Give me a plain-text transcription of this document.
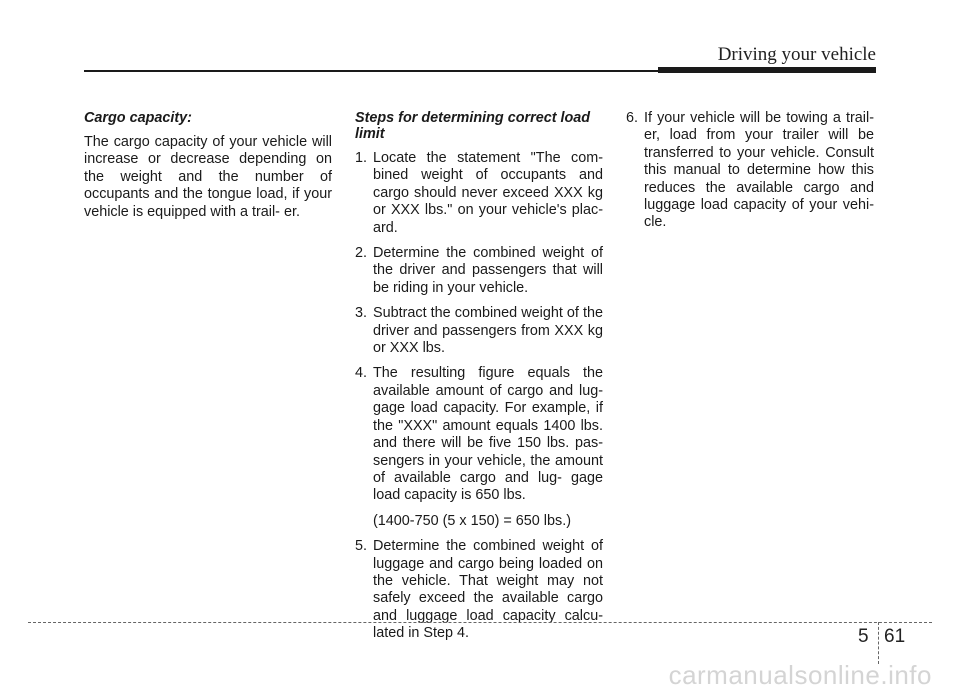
Driving your vehicle
Cargo capacity:

The cargo capacity of your vehicle will increase or decrease depending on the weight and the number of occupants and the tongue load, if your vehicle is equipped with a trail- er.

Steps for determining correct load limit
1. Locate the statement "The com- bined weight of occupants and cargo should never exceed XXX kg or XXX lbs." on your vehicle's plac- ard.
2. Determine the combined weight of the driver and passengers that will be riding in your vehicle.
3. Subtract the combined weight of the driver and passengers from XXX kg or XXX lbs.
4. The resulting figure equals the available amount of cargo and lug- gage load capacity. For example, if the "XXX" amount equals 1400 lbs. and there will be five 150 lbs. pas- sengers in your vehicle, the amount of available cargo and lug- gage load capacity is 650 lbs.
(1400-750 (5 x 150) = 650 lbs.)
5. Determine the combined weight of luggage and cargo being loaded on the vehicle. That weight may not safely exceed the available cargo and luggage load capacity calcu- lated in Step 4.
6. If your vehicle will be towing a trail- er, load from your trailer will be transferred to your vehicle. Consult this manual to determine how this reduces the available cargo and luggage load capacity of your vehi- cle.
5 61
carmanualsonline.info
